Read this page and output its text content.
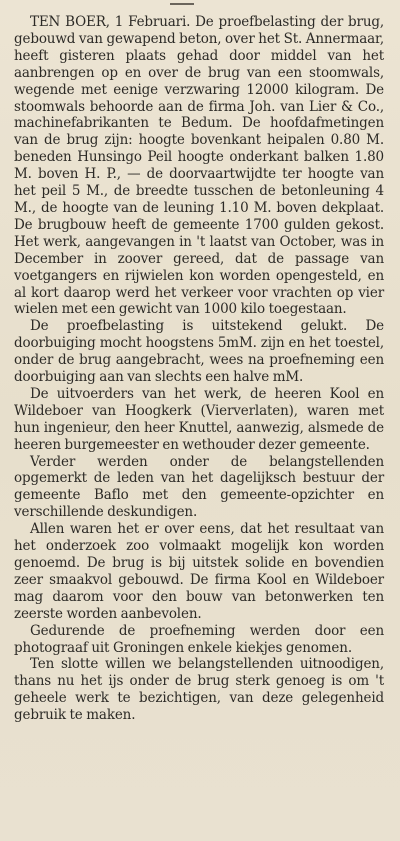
TEN BOER, 1 Februari. De proefbelasting der brug, gebouwd van gewapend beton, over het St. Annermaar, heeft gisteren plaats gehad door middel van het aanbrengen op en over de brug van een stoomwals, wegende met eenige verzwaring 12000 kilogram. De stoomwals behoorde aan de firma Joh. van Lier & Co., machinefabrikanten te Bedum. De hoofdafmetingen van de brug zijn: hoogte bovenkant heipalen 0.80 M. beneden Hunsingo Peil hoogte onderkant balken 1.80 M. boven H. P., — de doorvaartwijdte ter hoogte van het peil 5 M., de breedte tusschen de betonleuning 4 M., de hoogte van de leuning 1.10 M. boven dekplaat. De brugbouw heeft de gemeente 1700 gulden gekost. Het werk, aangevangen in 't laatst van October, was in December in zoover gereed, dat de passage van voetgangers en rijwielen kon worden opengesteld, en al kort daarop werd het verkeer voor vrachten op vier wielen met een gewicht van 1000 kilo toegestaan.

De proefbelasting is uitstekend gelukt. De doorbuiging mocht hoogstens 5mM. zijn en het toestel, onder de brug aangebracht, wees na proefneming een doorbuiging aan van slechts een halve mM.

De uitvoerders van het werk, de heeren Kool en Wildeboer van Hoogkerk (Vierverlaten), waren met hun ingenieur, den heer Knuttel, aanwezig, alsmede de heeren burgemeester en wethouder dezer gemeente.

Verder werden onder de belangstellenden opgemerkt de leden van het dagelijksch bestuur der gemeente Baflo met den gemeente-opzichter en verschillende deskundigen.

Allen waren het er over eens, dat het resultaat van het onderzoek zoo volmaakt mogelijk kon worden genoemd. De brug is bij uitstek solide en bovendien zeer smaakvol gebouwd. De firma Kool en Wildeboer mag daarom voor den bouw van betonwerken ten zeerste worden aanbevolen.

Gedurende de proefneming werden door een photograaf uit Groningen enkele kiekjes genomen.

Ten slotte willen we belangstellenden uitnoodigen, thans nu het ijs onder de brug sterk genoeg is om 't geheele werk te bezichtigen, van deze gelegenheid gebruik te maken.
